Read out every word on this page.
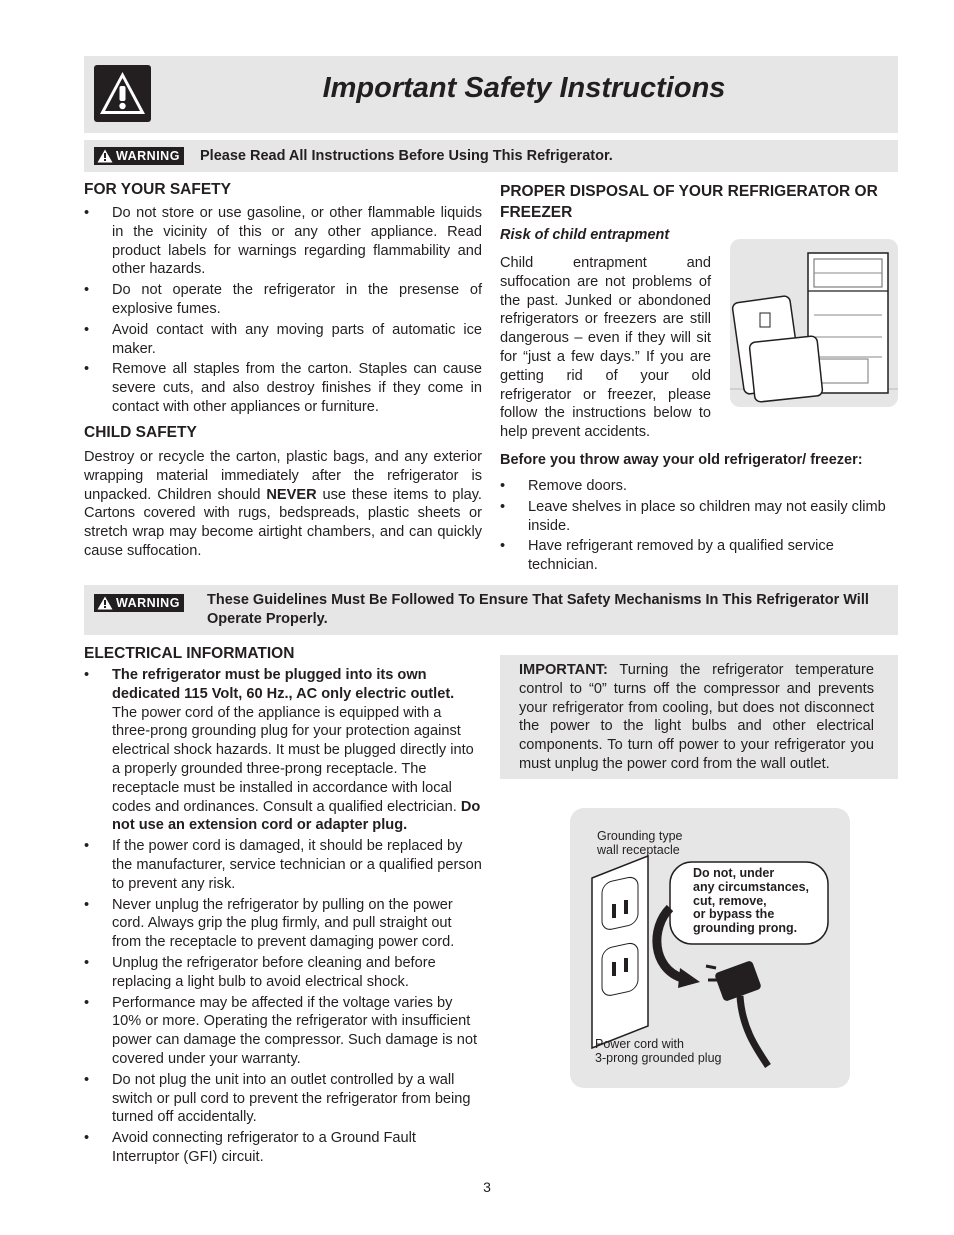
Important Safety Instructions
WARNING Please Read All Instructions Before Using This Refrigerator.
FOR YOUR SAFETY
• Do not store or use gasoline, or other flammable liquids in the vicinity of this or any other appliance. Read product labels for warnings regarding flammability and other hazards.
• Do not operate the refrigerator in the presense of explosive fumes.
• Avoid contact with any moving parts of automatic ice maker.
• Remove all staples from the carton. Staples can cause severe cuts, and also destroy finishes if they come in contact with other appliances or furniture.
CHILD SAFETY
Destroy or recycle the carton, plastic bags, and any exterior wrapping material immediately after the refrigerator is unpacked. Children should NEVER use these items to play. Cartons covered with rugs, bedspreads, plastic sheets or stretch wrap may become airtight chambers, and can quickly cause suffocation.
PROPER DISPOSAL OF YOUR REFRIGERATOR OR FREEZER
Risk of child entrapment
Child entrapment and suffocation are not problems of the past. Junked or abondoned refrigerators or freezers are still dangerous – even if they will sit for “just a few days.” If you are getting rid of your old refrigerator or freezer, please follow the instructions below to help prevent accidents.
Before you throw away your old refrigerator/ freezer:
• Remove doors.
• Leave shelves in place so children may not easily climb inside.
• Have refrigerant removed by a qualified service technician.
WARNING These Guidelines Must Be Followed To Ensure That Safety Mechanisms In This Refrigerator Will Operate Properly.
ELECTRICAL INFORMATION
• The refrigerator must be plugged into its own dedicated 115 Volt, 60 Hz., AC only electric outlet. The power cord of the appliance is equipped with a three-prong grounding plug for your protection against electrical shock hazards. It must be plugged directly into a properly grounded three-prong receptacle. The receptacle must be installed in accordance with local codes and ordinances. Consult a qualified electrician. Do not use an extension cord or adapter plug.
• If the power cord is damaged, it should be replaced by the manufacturer, service technician or a qualified person to prevent any risk.
• Never unplug the refrigerator by pulling on the power cord. Always grip the plug firmly, and pull straight out from the receptacle to prevent damaging power cord.
• Unplug the refrigerator before cleaning and before replacing a light bulb to avoid electrical shock.
• Performance may be affected if the voltage varies by 10% or more. Operating the refrigerator with insufficient power can damage the compressor. Such damage is not covered under your warranty.
• Do not plug the unit into an outlet controlled by a wall switch or pull cord to prevent the refrigerator from being turned off accidentally.
• Avoid connecting refrigerator to a Ground Fault Interruptor (GFI) circuit.
IMPORTANT: Turning the refrigerator temperature control to “0” turns off the compressor and prevents your refrigerator from cooling, but does not disconnect the power to the light bulbs and other electrical components. To turn off power to your refrigerator you must unplug the power cord from the wall outlet.
Grounding type
wall receptacle
Do not, under
any circumstances,
cut, remove,
or bypass the
grounding prong.
Power cord with
3-prong grounded plug
3
